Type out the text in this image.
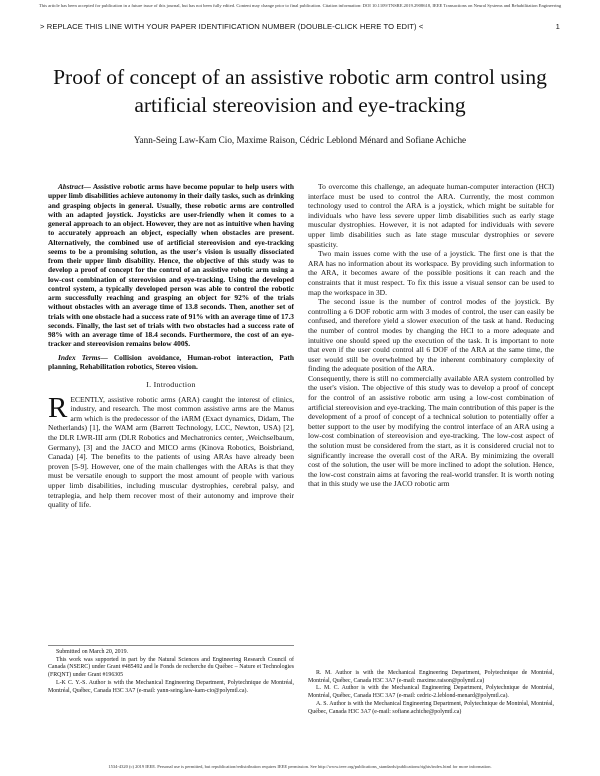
This article has been accepted for publication in a future issue of this journal, but has not been fully edited. Content may change prior to final publication. Citation information: DOI 10.1109/TNSRE.2019.2908618, IEEE Transactions on Neural Systems and Rehabilitation Engineering
> REPLACE THIS LINE WITH YOUR PAPER IDENTIFICATION NUMBER (DOUBLE-CLICK HERE TO EDIT) <	1
Proof of concept of an assistive robotic arm control using artificial stereovision and eye-tracking
Yann-Seing Law-Kam Cio, Maxime Raison, Cédric Leblond Ménard and Sofiane Achiche

Abstract— Assistive robotic arms have become popular to help users with upper limb disabilities achieve autonomy in their daily tasks, such as drinking and grasping objects in general. Usually, these robotic arms are controlled with an adapted joystick. Joysticks are user-friendly when it comes to a general approach to an object. However, they are not as intuitive when having to accurately approach an object, especially when obstacles are present. Alternatively, the combined use of artificial stereovision and eye-tracking seems to be a promising solution, as the user's vision is usually dissociated from their upper limb disability. Hence, the objective of this study was to develop a proof of concept for the control of an assistive robotic arm using a low-cost combination of stereovision and eye-tracking. Using the developed control system, a typically developed person was able to control the robotic arm successfully reaching and grasping an object for 92% of the trials without obstacles with an average time of 13.8 seconds. Then, another set of trials with one obstacle had a success rate of 91% with an average time of 17.3 seconds. Finally, the last set of trials with two obstacles had a success rate of 98% with an average time of 18.4 seconds. Furthermore, the cost of an eye-tracker and stereovision remains below 400$.

Index Terms— Collision avoidance, Human-robot interaction, Path planning, Rehabilitation robotics, Stereo vision.

I. Introduction

RECENTLY, assistive robotic arms (ARA) caught the interest of clinics, industry, and research. The most common assistive arms are the Manus arm which is the predecessor of the iARM (Exact dynamics, Didam, The Netherlands) [1], the WAM arm (Barrett Technology, LCC, Newton, USA) [2], the DLR LWR-III arm (DLR Robotics and Mechatronics center, ,Weichselbaum, Germany), [3] and the JACO and MICO arms (Kinova Robotics, Boisbriand, Canada) [4]. The benefits to the patients of using ARAs have already been proven [5-9]. However, one of the main challenges with the ARAs is that they must be versatile enough to support the most amount of people with various upper limb disabilities, including muscular dystrophies, cerebral palsy, and tetraplegia, and help them recover most of their autonomy and improve their quality of life.

Submitted on March 20, 2019.

This work was supported in part by the Natural Sciences and Engineering Research Council of Canada (NSERC) under Grant #485492 and le Fonds de recherche du Québec – Nature et Technologies (FRQNT) under Grant #196305

L-K C. Y.-S. Author is with the Mechanical Engineering Department, Polytechnique de Montréal, Montréal, Québec, Canada H3C 3A7 (e-mail: yann-seing.law-kam-cio@polymtl.ca).

To overcome this challenge, an adequate human-computer interaction (HCI) interface must be used to control the ARA. Currently, the most common technology used to control the ARA is a joystick, which might be suitable for individuals who have less severe upper limb disabilities such as early stage muscular dystrophies. However, it is not adapted for individuals with severe upper limb disabilities such as late stage muscular dystrophies or severe spasticity.

Two main issues come with the use of a joystick. The first one is that the ARA has no information about its workspace. By providing such information to the ARA, it becomes aware of the possible positions it can reach and the constraints that it must respect. To fix this issue a visual sensor can be used to map the workspace in 3D.

The second issue is the number of control modes of the joystick. By controlling a 6 DOF robotic arm with 3 modes of control, the user can easily be confused, and therefore yield a slower execution of the task at hand. Reducing the number of control modes by changing the HCI to a more adequate and intuitive one should speed up the execution of the task. It is important to note that even if the user could control all 6 DOF of the ARA at the same time, the user would still be overwhelmed by the inherent combinatory complexity of finding the adequate position of the ARA.

Consequently, there is still no commercially available ARA system controlled by the user's vision. The objective of this study was to develop a proof of concept for the control of an assistive robotic arm using a low-cost combination of artificial stereovision and eye-tracking. The main contribution of this paper is the development of a proof of concept of a technical solution to potentially offer a better support to the user by modifying the control interface of an ARA using a low-cost combination of stereovision and eye-tracking. The low-cost aspect of the solution must be considered from the start, as it is considered crucial not to significantly increase the overall cost of the ARA. By minimizing the overall cost of the solution, the user will be more inclined to adopt the solution. Hence, the low-cost constrain aims at favoring the real-world transfer. It is worth noting that in this study we use the JACO robotic arm

R. M. Author is with the Mechanical Engineering Department, Polytechnique de Montréal, Montréal, Québec, Canada H3C 3A7 (e-mail: maxime.raison@polymtl.ca)

L. M. C. Author is with the Mechanical Engineering Department, Polytechnique de Montréal, Montréal, Québec, Canada H3C 3A7 (e-mail: cedric-2.leblond-menard@polymtl.ca).

A. S. Author is with the Mechanical Engineering Department, Polytechnique de Montréal, Montréal, Québec, Canada H3C 3A7 (e-mail: sofiane.achiche@polymtl.ca)

1534-4320 (c) 2019 IEEE. Personal use is permitted, but republication/redistribution requires IEEE permission. See http://www.ieee.org/publications_standards/publications/rights/index.html for more information.
